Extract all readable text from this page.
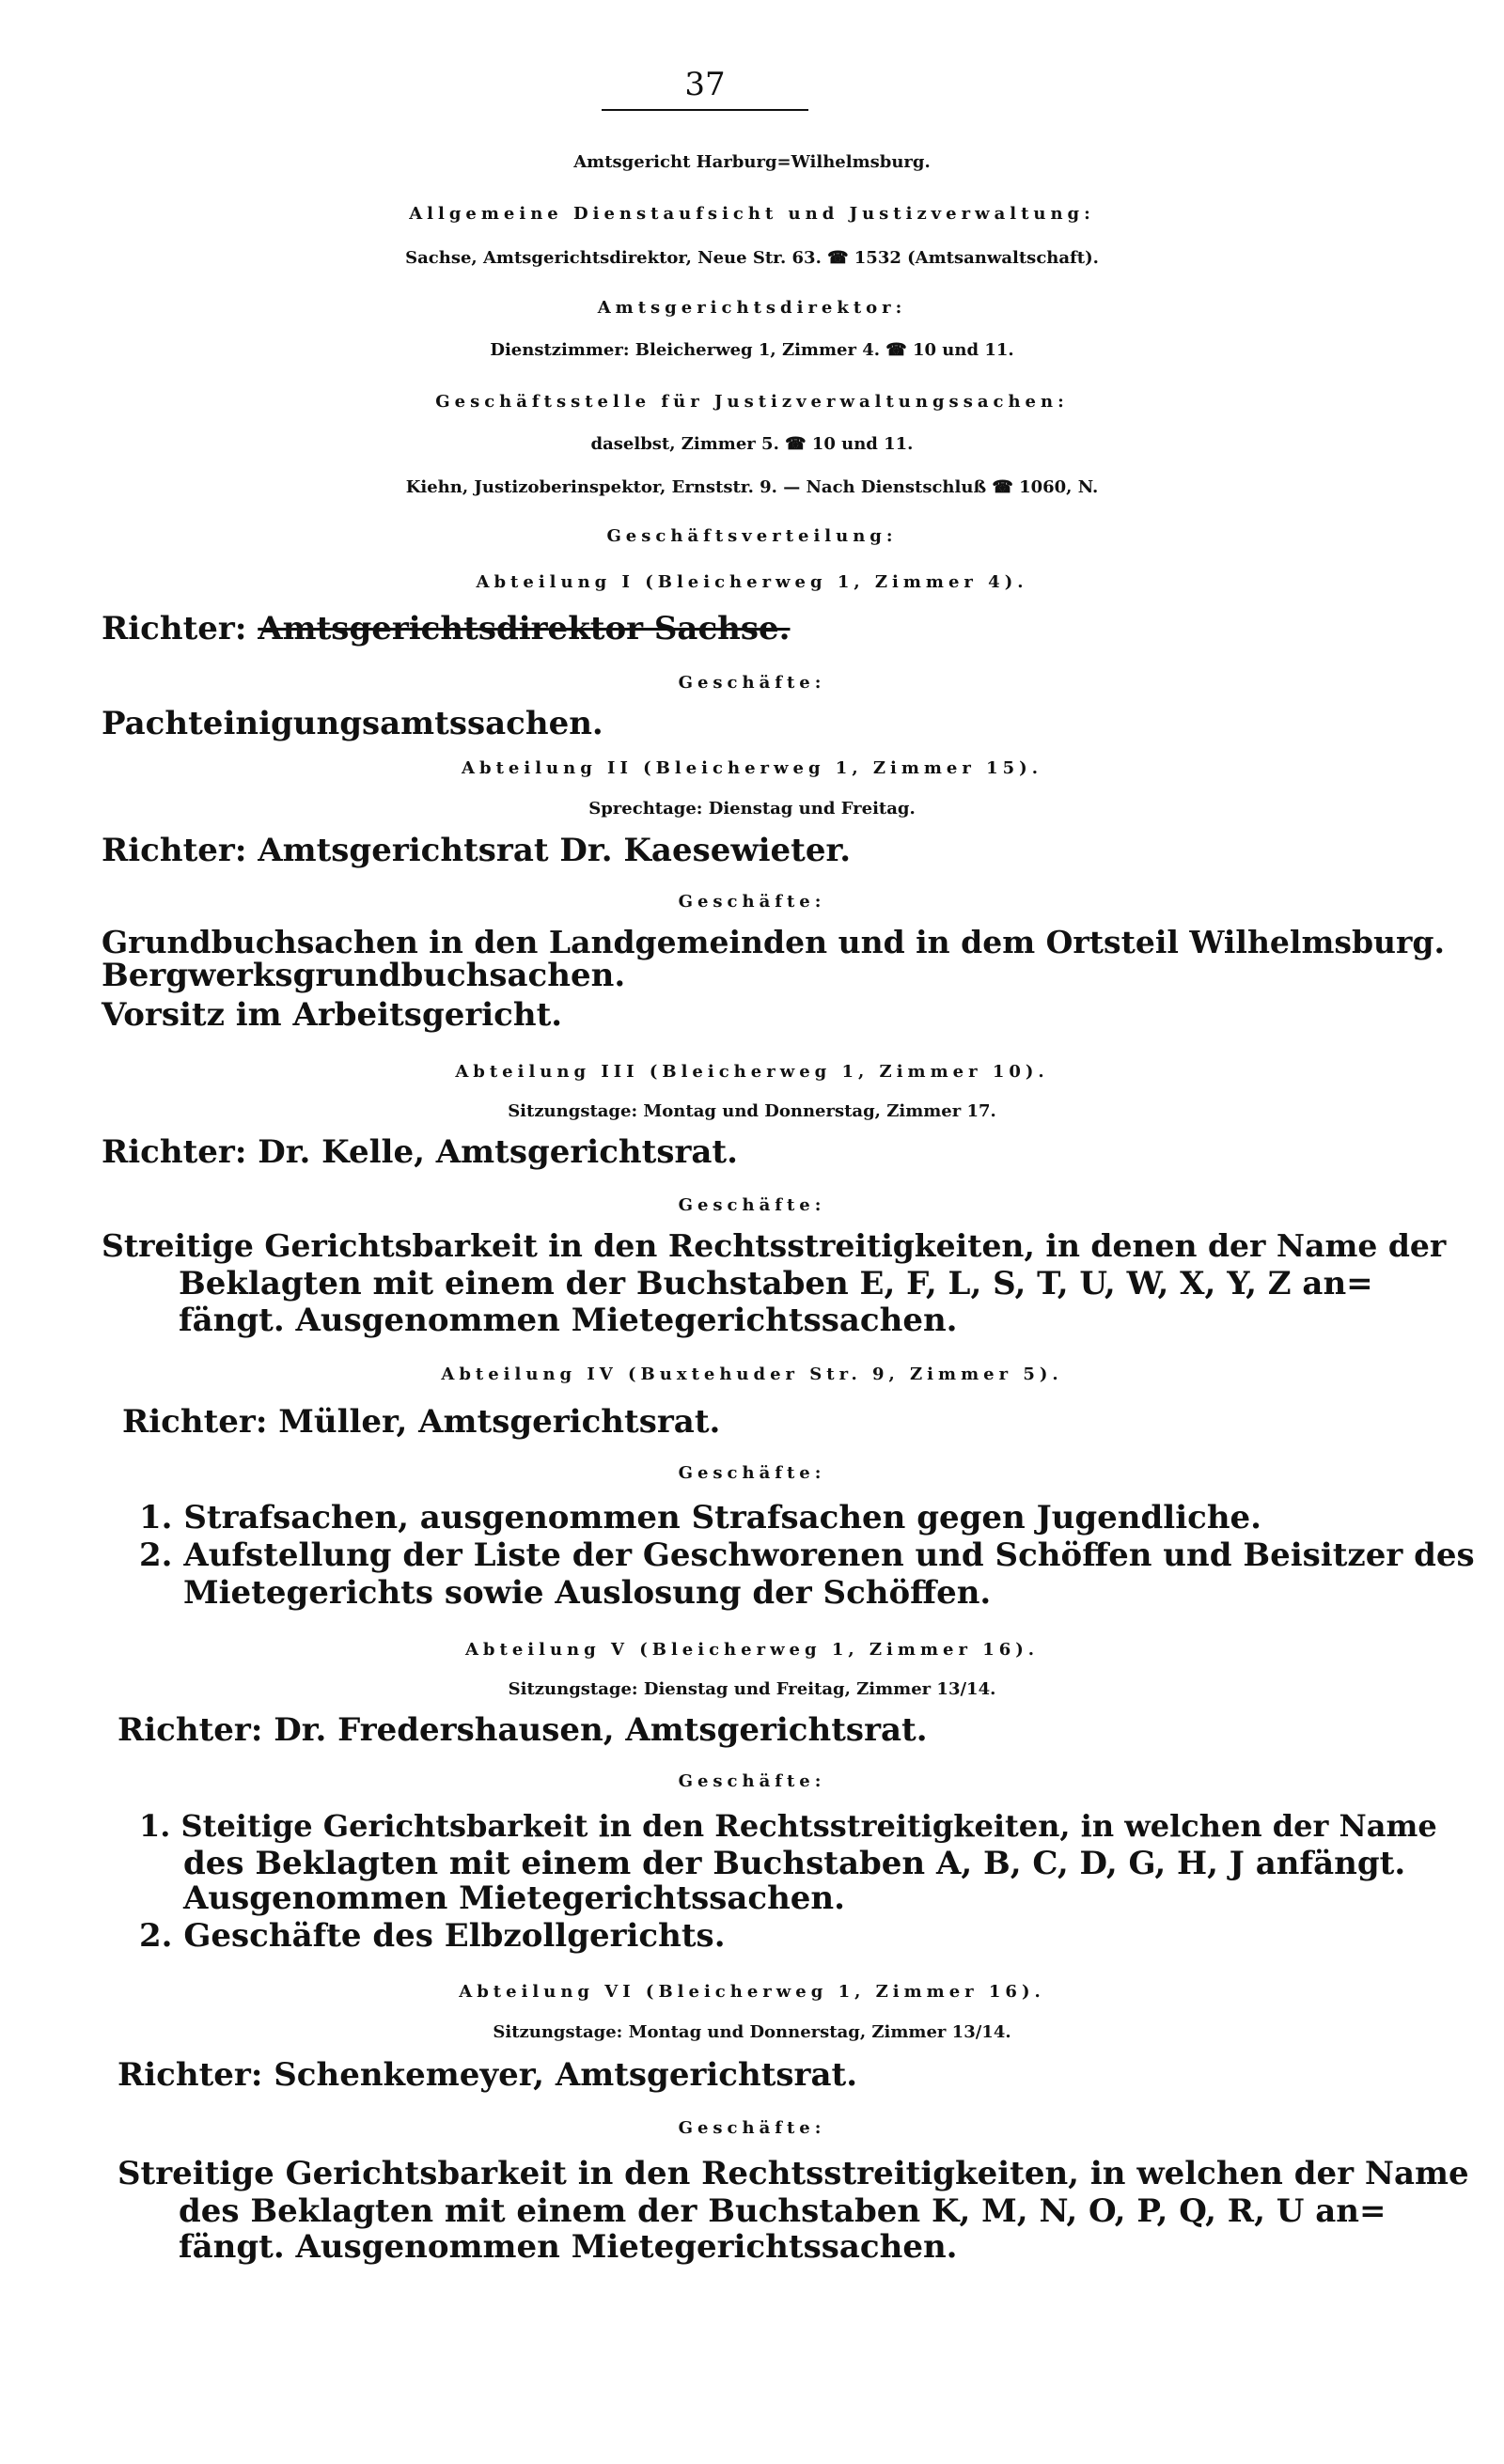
37
Amtsgericht Harburg=Wilhelmsburg.
Allgemeine Dienstaufsicht und Justizverwaltung:
Sachse, Amtsgerichtsdirektor, Neue Str. 63. ☎ 1532 (Amtsanwaltschaft).
Amtsgerichtsdirektor:
Dienstzimmer: Bleicherweg 1, Zimmer 4. ☎ 10 und 11.
Geschäftsstelle für Justizverwaltungssachen:
daselbst, Zimmer 5. ☎ 10 und 11.
Kiehn, Justizoberinspektor, Ernststr. 9. — Nach Dienstschluß ☎ 1060, N.
Geschäftsverteilung:
Abteilung I (Bleicherweg 1, Zimmer 4).
Richter: Amtsgerichtsdirektor Sachse.
Geschäfte:
Pachteinigungsamtssachen.
Abteilung II (Bleicherweg 1, Zimmer 15).
Sprechtage: Dienstag und Freitag.
Richter: Amtsgerichtsrat Dr. Kaesewieter.
Geschäfte:
Grundbuchsachen in den Landgemeinden und in dem Ortsteil Wilhelmsburg.
Bergwerksgrundbuchsachen.
Vorsitz im Arbeitsgericht.
Abteilung III (Bleicherweg 1, Zimmer 10).
Sitzungstage: Montag und Donnerstag, Zimmer 17.
Richter: Dr. Kelle, Amtsgerichtsrat.
Geschäfte:
Streitige Gerichtsbarkeit in den Rechtsstreitigkeiten, in denen der Name der
Beklagten mit einem der Buchstaben E, F, L, S, T, U, W, X, Y, Z an=
fängt. Ausgenommen Mietegerichtssachen.
Abteilung IV (Buxtehuder Str. 9, Zimmer 5).
Richter: Müller, Amtsgerichtsrat.
Geschäfte:
1. Strafsachen, ausgenommen Strafsachen gegen Jugendliche.
2. Aufstellung der Liste der Geschworenen und Schöffen und Beisitzer des
Mietegerichts sowie Auslosung der Schöffen.
Abteilung V (Bleicherweg 1, Zimmer 16).
Sitzungstage: Dienstag und Freitag, Zimmer 13/14.
Richter: Dr. Fredershausen, Amtsgerichtsrat.
Geschäfte:
1. Steitige Gerichtsbarkeit in den Rechtsstreitigkeiten, in welchen der Name
des Beklagten mit einem der Buchstaben A, B, C, D, G, H, J anfängt.
Ausgenommen Mietegerichtssachen.
2. Geschäfte des Elbzollgerichts.
Abteilung VI (Bleicherweg 1, Zimmer 16).
Sitzungstage: Montag und Donnerstag, Zimmer 13/14.
Richter: Schenkemeyer, Amtsgerichtsrat.
Geschäfte:
Streitige Gerichtsbarkeit in den Rechtsstreitigkeiten, in welchen der Name
des Beklagten mit einem der Buchstaben K, M, N, O, P, Q, R, U an=
fängt. Ausgenommen Mietegerichtssachen.
